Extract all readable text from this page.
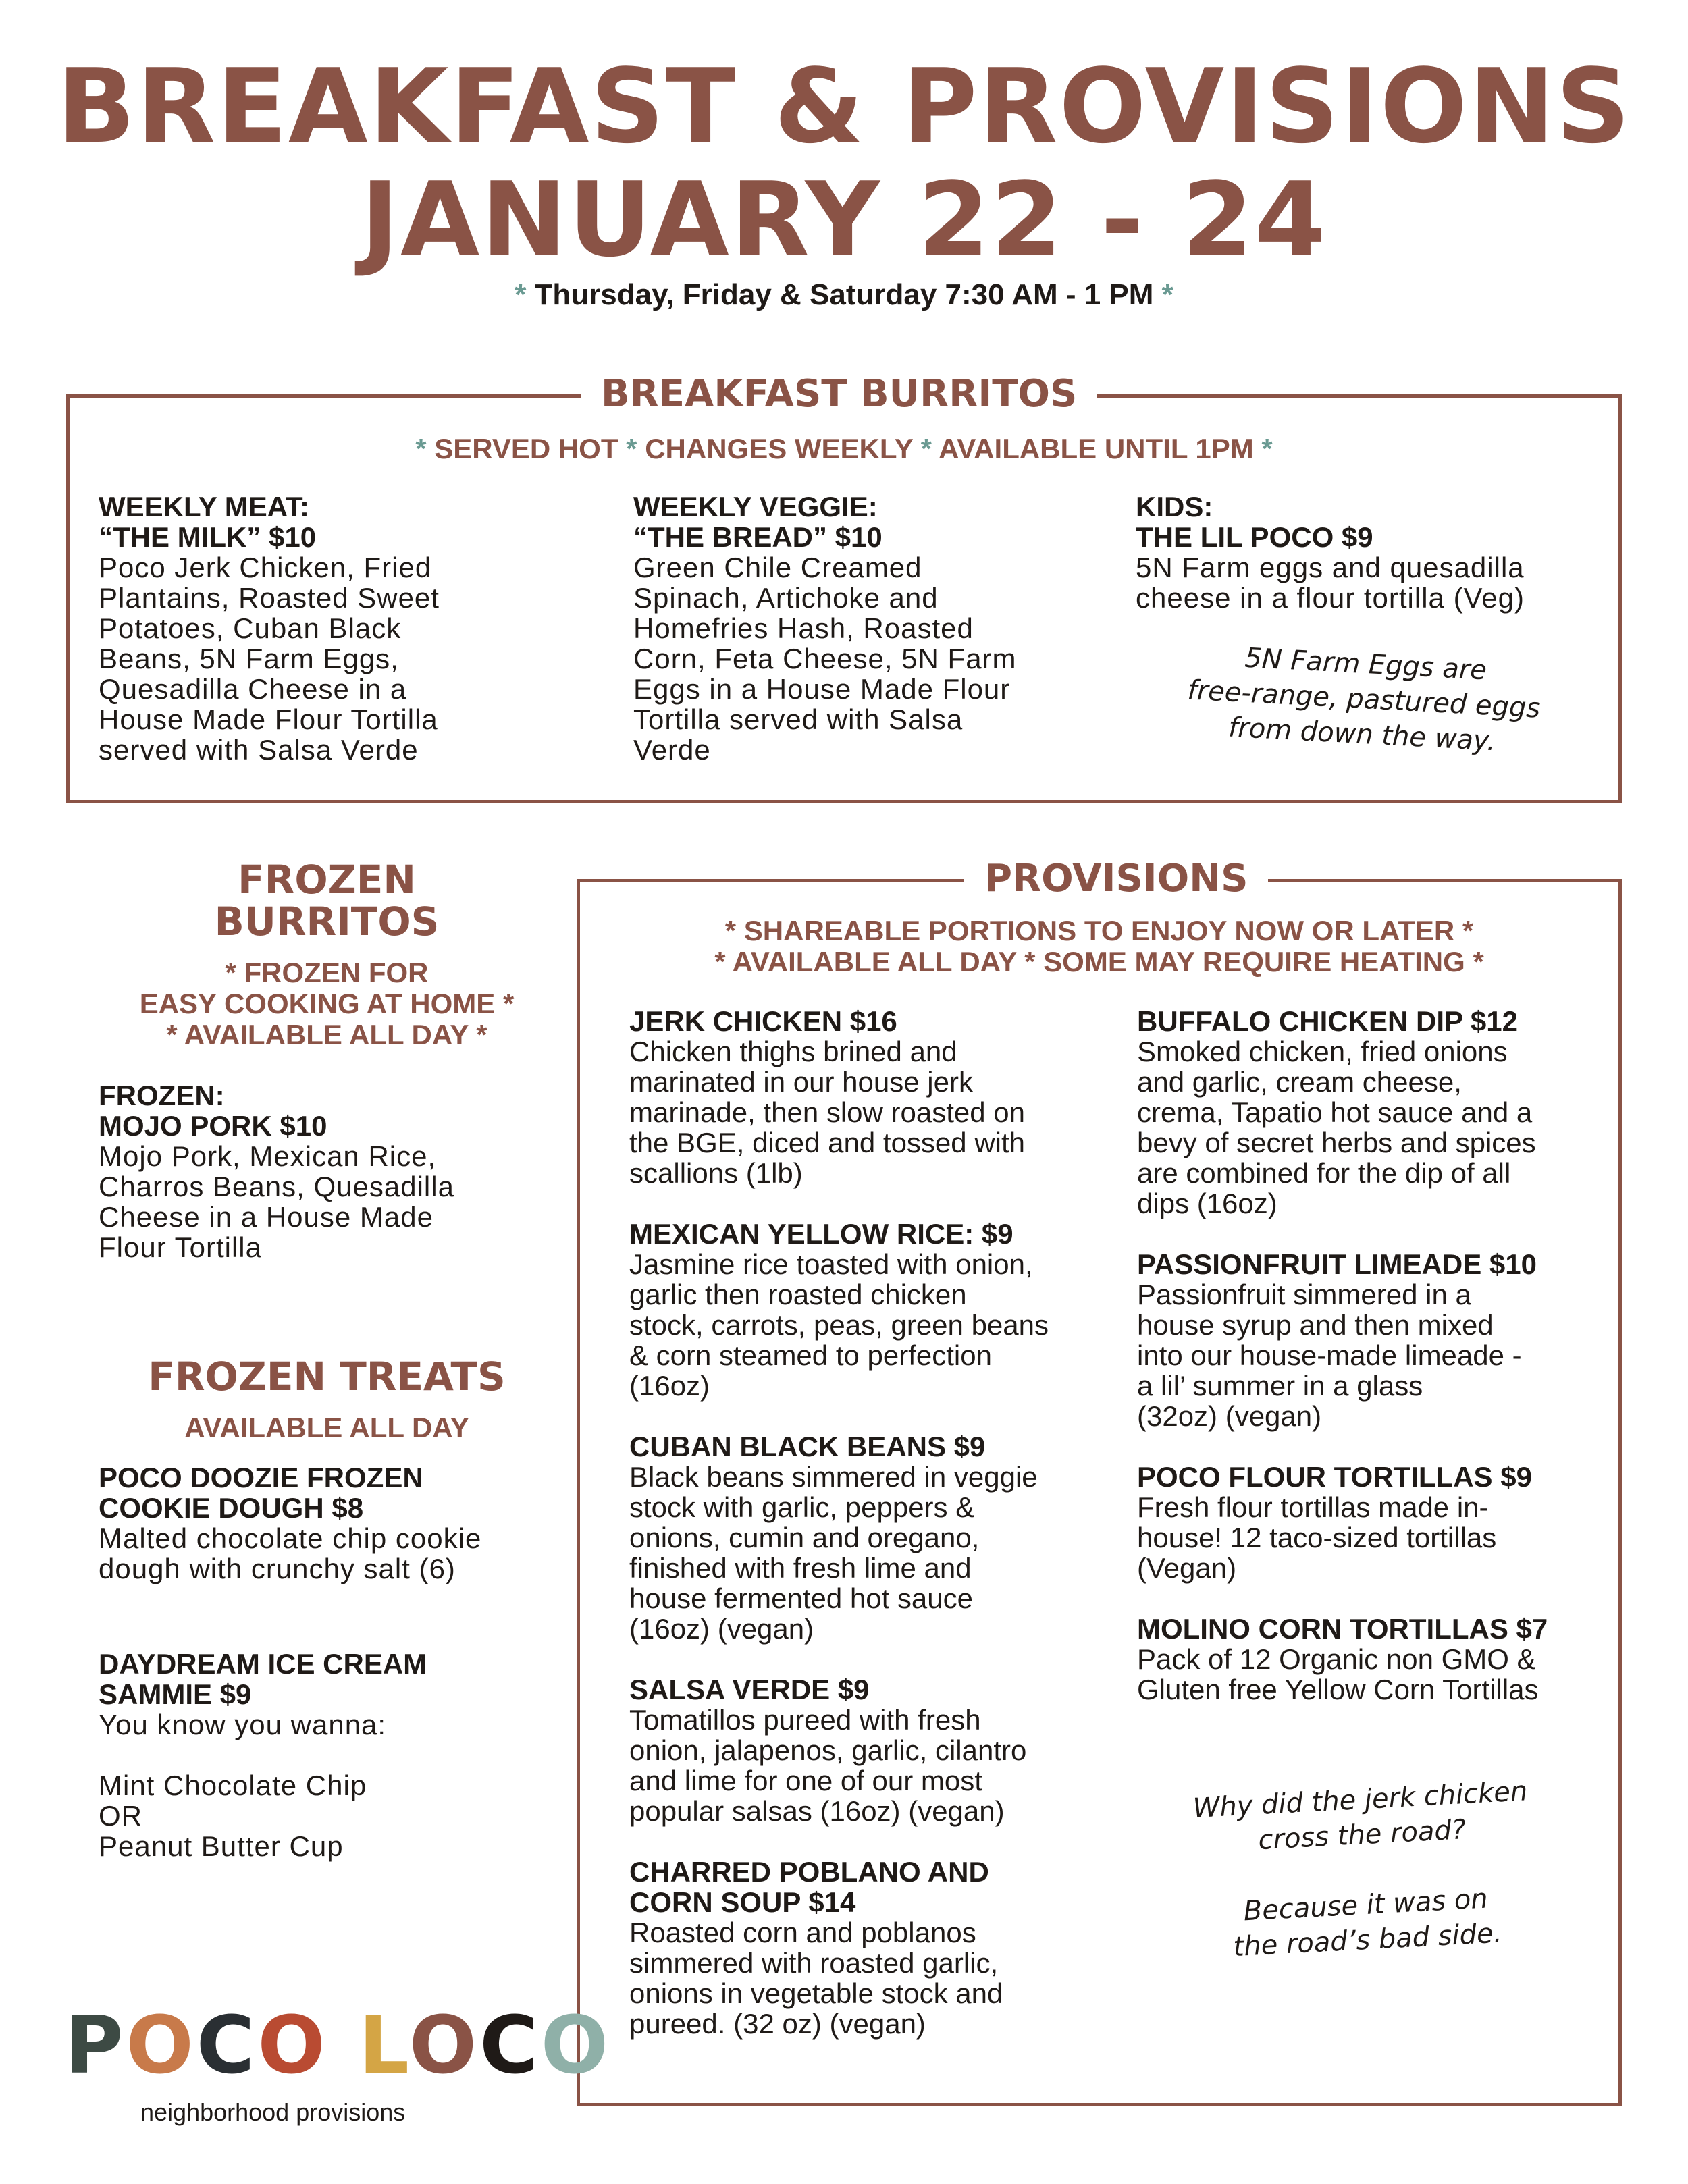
BREAKFAST & PROVISIONS
JANUARY 22 - 24
* Thursday, Friday & Saturday 7:30 AM - 1 PM *
BREAKFAST BURRITOS
* SERVED HOT * CHANGES WEEKLY * AVAILABLE UNTIL 1PM *
WEEKLY MEAT:
“THE MILK” $10
Poco Jerk Chicken, Fried
Plantains, Roasted Sweet
Potatoes, Cuban Black
Beans, 5N Farm Eggs,
Quesadilla Cheese in a
House Made Flour Tortilla
served with Salsa Verde
WEEKLY VEGGIE:
“THE BREAD” $10
Green Chile Creamed
Spinach, Artichoke and
Homefries Hash, Roasted
Corn, Feta Cheese, 5N Farm
Eggs in a House Made Flour
Tortilla served with Salsa
Verde
KIDS:
THE LIL POCO $9
5N Farm eggs and quesadilla
cheese in a flour tortilla (Veg)
5N Farm Eggs are
free-range, pastured eggs
from down the way.
FROZEN
BURRITOS
* FROZEN FOR
EASY COOKING AT HOME *
* AVAILABLE ALL DAY *
FROZEN:
MOJO PORK $10
Mojo Pork, Mexican Rice,
Charros Beans, Quesadilla
Cheese in a House Made
Flour Tortilla
FROZEN TREATS
AVAILABLE ALL DAY
POCO DOOZIE FROZEN
COOKIE DOUGH $8
Malted chocolate chip cookie
dough with crunchy salt (6)
DAYDREAM ICE CREAM
SAMMIE $9
You know you wanna:

Mint Chocolate Chip
OR
Peanut Butter Cup
PROVISIONS
* SHAREABLE PORTIONS TO ENJOY NOW OR LATER *
* AVAILABLE ALL DAY * SOME MAY REQUIRE HEATING *
JERK CHICKEN $16
Chicken thighs brined and
marinated in our house jerk
marinade, then slow roasted on
the BGE, diced and tossed with
scallions (1lb)
MEXICAN YELLOW RICE: $9
Jasmine rice toasted with onion,
garlic then roasted chicken
stock, carrots, peas, green beans
& corn steamed to perfection
(16oz)
CUBAN BLACK BEANS $9
Black beans simmered in veggie
stock with garlic, peppers &
onions, cumin and oregano,
finished with fresh lime and
house fermented hot sauce
(16oz) (vegan)
SALSA VERDE $9
Tomatillos pureed with fresh
onion, jalapenos, garlic, cilantro
and lime for one of our most
popular salsas (16oz) (vegan)
CHARRED POBLANO AND
CORN SOUP $14
Roasted corn and poblanos
simmered with roasted garlic,
onions in vegetable stock and
pureed. (32 oz) (vegan)
BUFFALO CHICKEN DIP $12
Smoked chicken, fried onions
and garlic, cream cheese,
crema, Tapatio hot sauce and a
bevy of secret herbs and spices
are combined for the dip of all
dips (16oz)
PASSIONFRUIT LIMEADE $10
Passionfruit simmered in a
house syrup and then mixed
into our house-made limeade -
a lil’ summer in a glass
(32oz) (vegan)
POCO FLOUR TORTILLAS $9
Fresh flour tortillas made in-
house! 12 taco-sized tortillas
(Vegan)
MOLINO CORN TORTILLAS $7
Pack of 12 Organic non GMO &
Gluten free Yellow Corn Tortillas
Why did the jerk chicken
cross the road?

Because it was on
the road’s bad side.
POCO LOCO
neighborhood provisions
